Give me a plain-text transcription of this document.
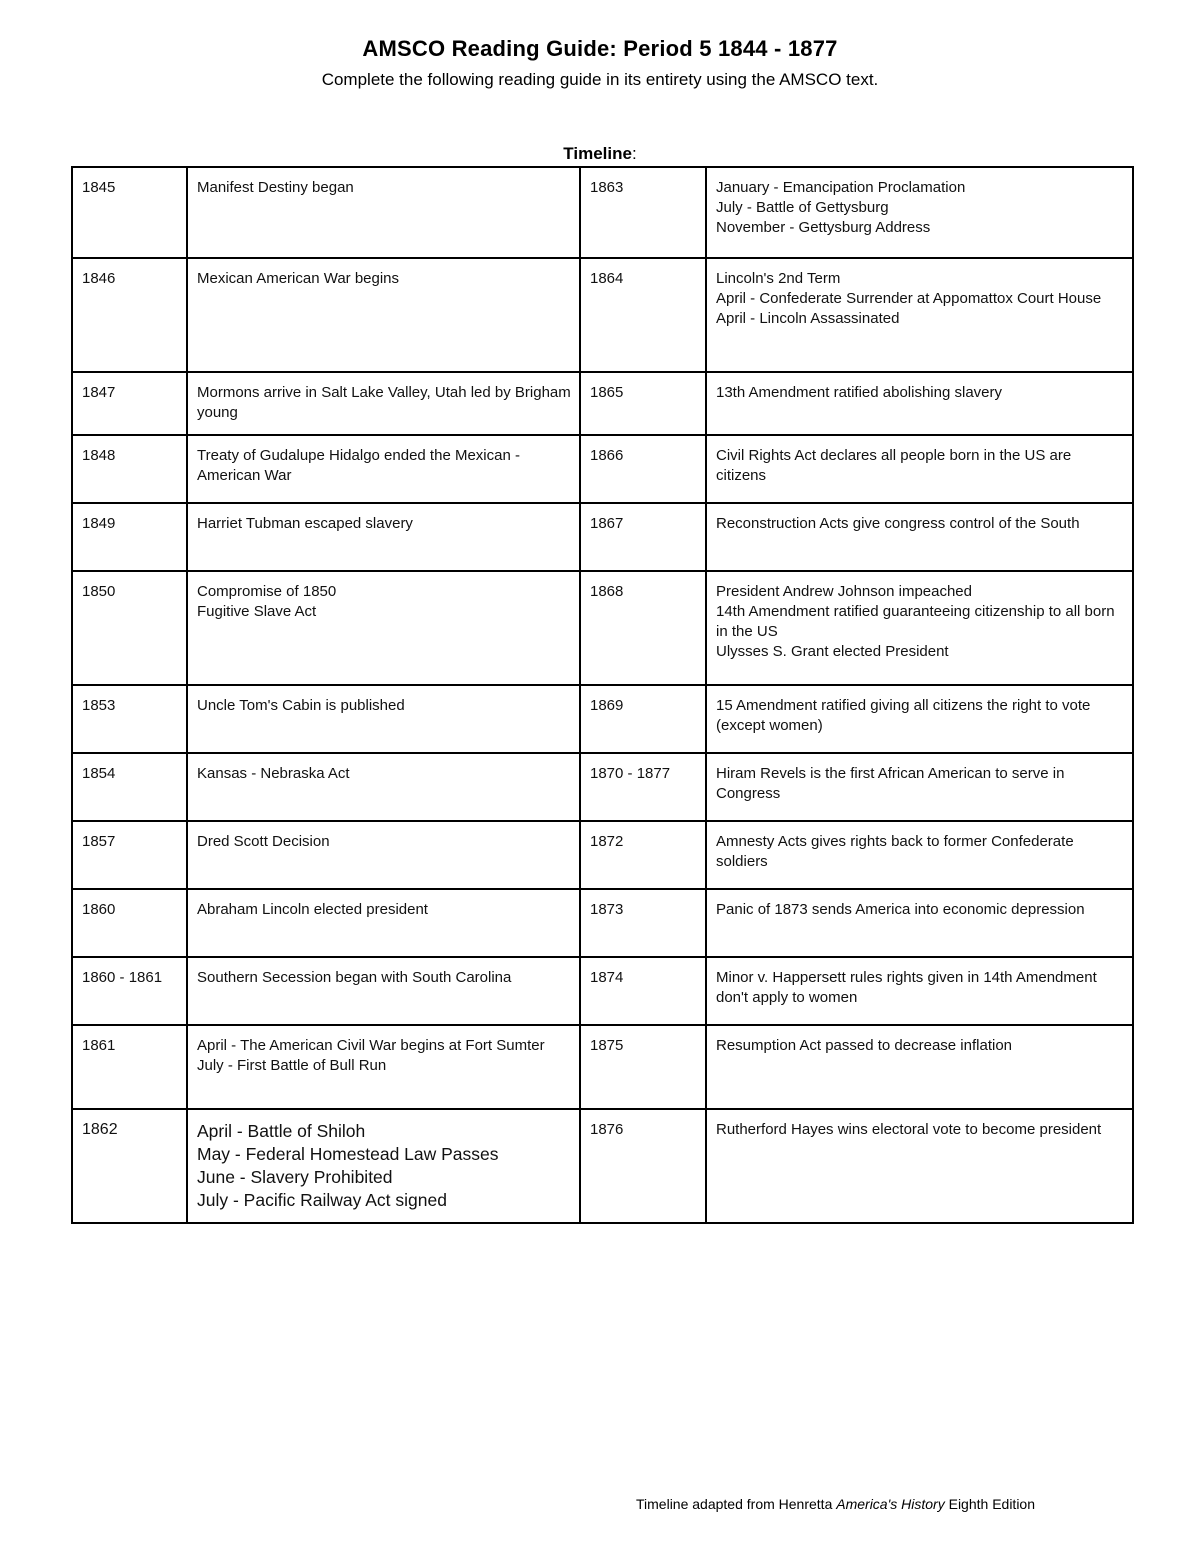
AMSCO Reading Guide: Period 5 1844 - 1877
Complete the following reading guide in its entirety using the AMSCO text.
Timeline:
1845	Manifest Destiny began	1863	January - Emancipation Proclamation
July - Battle of Gettysburg
November - Gettysburg Address

1846	Mexican American War begins	1864	Lincoln's 2nd Term
April - Confederate Surrender at Appomattox Court House
April - Lincoln Assassinated

1847	Mormons arrive in Salt Lake Valley, Utah led by Brigham young	1865	13th Amendment ratified abolishing slavery

1848	Treaty of Gudalupe Hidalgo ended the Mexican - American War	1866	Civil Rights Act declares all people born in the US are citizens

1849	Harriet Tubman escaped slavery	1867	Reconstruction Acts give congress control of the South

1850	Compromise of 1850
Fugitive Slave Act	1868	President Andrew Johnson impeached
14th Amendment ratified guaranteeing citizenship to all born in the US
Ulysses S. Grant elected President

1853	Uncle Tom's Cabin is published	1869	15 Amendment ratified giving all citizens the right to vote (except women)

1854	Kansas - Nebraska Act	1870 - 1877	Hiram Revels is the first African American to serve in Congress

1857	Dred Scott Decision	1872	Amnesty Acts gives rights back to former Confederate soldiers

1860	Abraham Lincoln elected president	1873	Panic of 1873 sends America into economic depression

1860 - 1861	Southern Secession began with South Carolina	1874	Minor v. Happersett rules rights given in 14th Amendment don't apply to women

1861	April - The American Civil War begins at Fort Sumter
July - First Battle of Bull Run	1875	Resumption Act passed to decrease inflation

1862	April - Battle of Shiloh
May - Federal Homestead Law Passes
June - Slavery Prohibited
July - Pacific Railway Act signed	1876	Rutherford Hayes wins electoral vote to become president
Timeline adapted from Henretta America's History Eighth Edition
